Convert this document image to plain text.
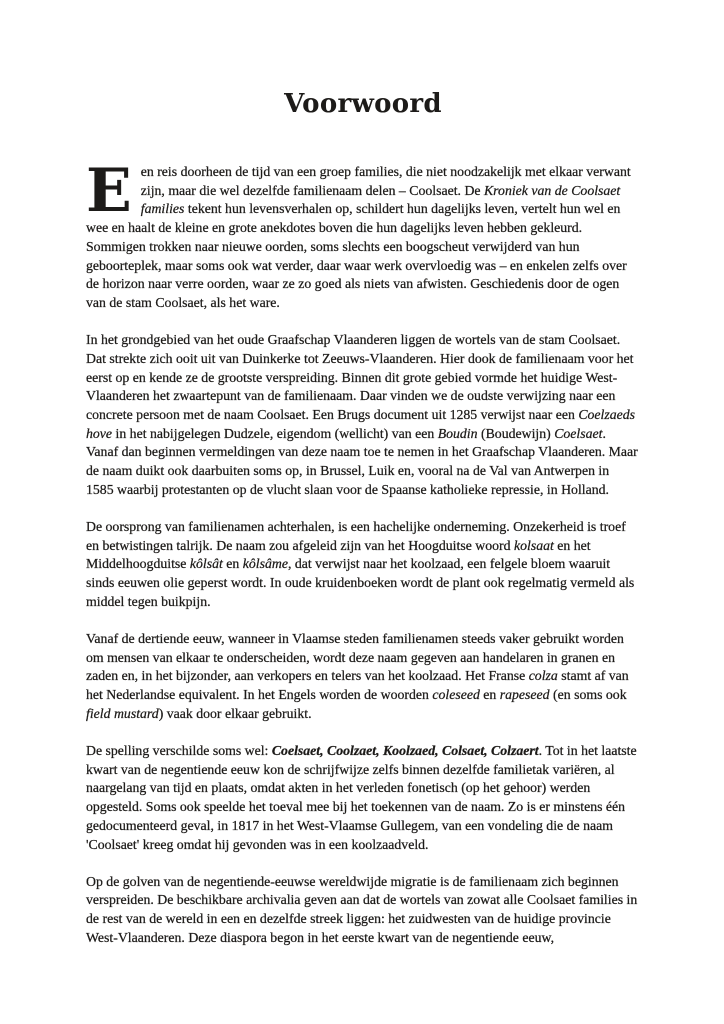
Voorwoord

Een reis doorheen de tijd van een groep families, die niet noodzakelijk met elkaar verwant zijn, maar die wel dezelfde familienaam delen – Coolsaet. De Kroniek van de Coolsaet families tekent hun levensverhalen op, schildert hun dagelijks leven, vertelt hun wel en wee en haalt de kleine en grote anekdotes boven die hun dagelijks leven hebben gekleurd. Sommigen trokken naar nieuwe oorden, soms slechts een boogscheut verwijderd van hun geboorteplek, maar soms ook wat verder, daar waar werk overvloedig was – en enkelen zelfs over de horizon naar verre oorden, waar ze zo goed als niets van afwisten. Geschiedenis door de ogen van de stam Coolsaet, als het ware.

In het grondgebied van het oude Graafschap Vlaanderen liggen de wortels van de stam Coolsaet. Dat strekte zich ooit uit van Duinkerke tot Zeeuws-Vlaanderen. Hier dook de familienaam voor het eerst op en kende ze de grootste verspreiding. Binnen dit grote gebied vormde het huidige West-Vlaanderen het zwaartepunt van de familienaam. Daar vinden we de oudste verwijzing naar een concrete persoon met de naam Coolsaet. Een Brugs document uit 1285 verwijst naar een Coelzaeds hove in het nabijgelegen Dudzele, eigendom (wellicht) van een Boudin (Boudewijn) Coelsaet. Vanaf dan beginnen vermeldingen van deze naam toe te nemen in het Graafschap Vlaanderen. Maar de naam duikt ook daarbuiten soms op, in Brussel, Luik en, vooral na de Val van Antwerpen in 1585 waarbij protestanten op de vlucht slaan voor de Spaanse katholieke repressie, in Holland.

De oorsprong van familienamen achterhalen, is een hachelijke onderneming. Onzekerheid is troef en betwistingen talrijk. De naam zou afgeleid zijn van het Hoogduitse woord kolsaat en het Middelhoogduitse kôlsât en kôlsâme, dat verwijst naar het koolzaad, een felgele bloem waaruit sinds eeuwen olie geperst wordt. In oude kruidenboeken wordt de plant ook regelmatig vermeld als middel tegen buikpijn.

Vanaf de dertiende eeuw, wanneer in Vlaamse steden familienamen steeds vaker gebruikt worden om mensen van elkaar te onderscheiden, wordt deze naam gegeven aan handelaren in granen en zaden en, in het bijzonder, aan verkopers en telers van het koolzaad. Het Franse colza stamt af van het Nederlandse equivalent. In het Engels worden de woorden coleseed en rapeseed (en soms ook field mustard) vaak door elkaar gebruikt.

De spelling verschilde soms wel: Coelsaet, Coolzaet, Koolzaed, Colsaet, Colzaert. Tot in het laatste kwart van de negentiende eeuw kon de schrijfwijze zelfs binnen dezelfde familietak variëren, al naargelang van tijd en plaats, omdat akten in het verleden fonetisch (op het gehoor) werden opgesteld. Soms ook speelde het toeval mee bij het toekennen van de naam. Zo is er minstens één gedocumenteerd geval, in 1817 in het West-Vlaamse Gullegem, van een vondeling die de naam 'Coolsaet' kreeg omdat hij gevonden was in een koolzaadveld.

Op de golven van de negentiende-eeuwse wereldwijde migratie is de familienaam zich beginnen verspreiden. De beschikbare archivalia geven aan dat de wortels van zowat alle Coolsaet families in de rest van de wereld in een en dezelfde streek liggen: het zuidwesten van de huidige provincie West-Vlaanderen. Deze diaspora begon in het eerste kwart van de negentiende eeuw,
